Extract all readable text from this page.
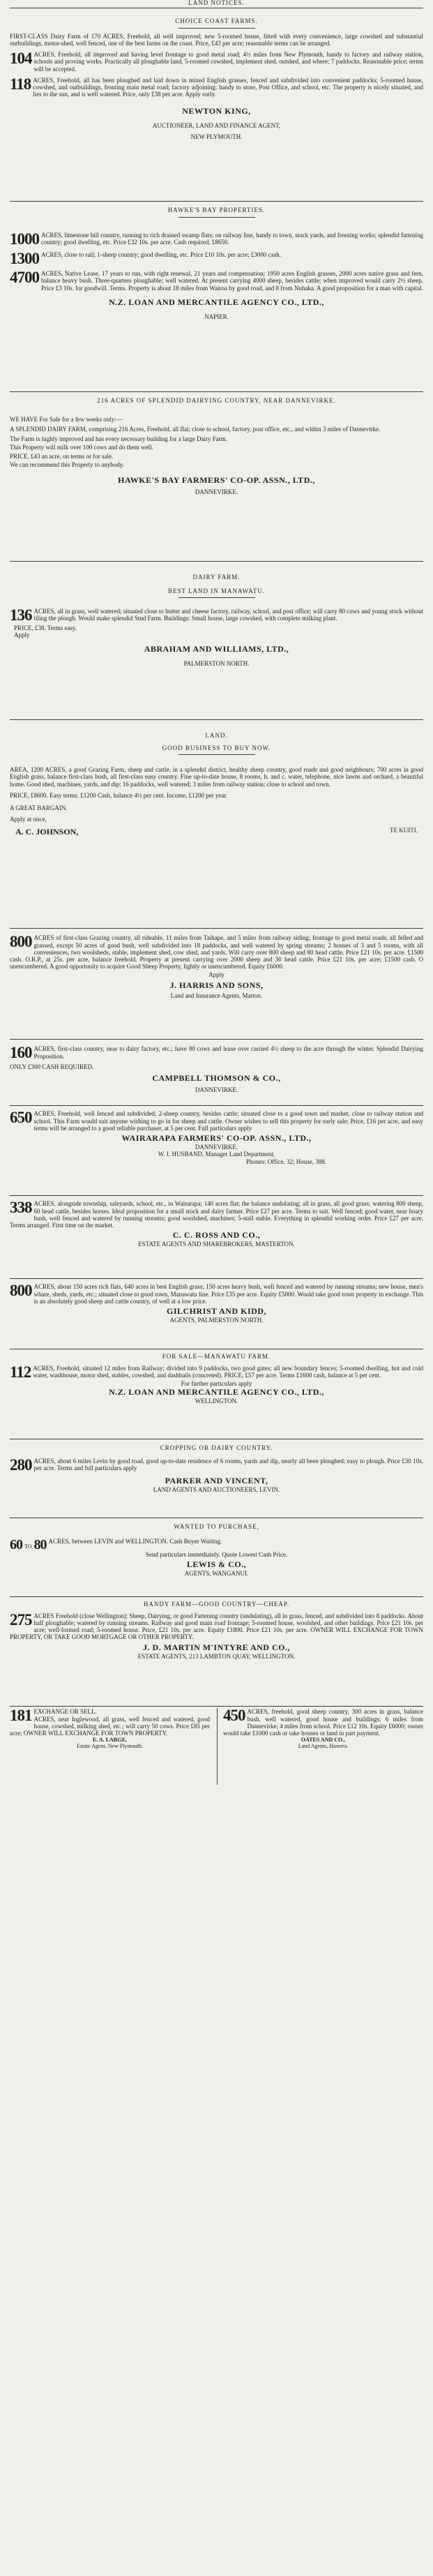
LAND NOTICES.

CHOICE COAST FARMS.

FIRST-CLASS Dairy Farm of 170 ACRES, Freehold, all well improved; new 5-roomed house, fitted with every convenience, large cowshed and substantial outbuildings, motor-shed, well fenced, one of the best farms on the coast. Price, £43 per acre; reasonable terms can be arranged.

104 ACRES, Freehold, all improved and having level frontage to good metal road; 4½ miles from New Plymouth, handy to factory and railway station, schools and proving works. Practically all ploughable land, 5-roomed cowshed, implement shed, outshed, and where; 7 paddocks. Reasonable price; terms will be accepted.

118 ACRES, Freehold, all has been ploughed and laid down in mixed English grasses, fenced and subdivided into convenient paddocks; 5-roomed house, cowshed, and outbuildings, fronting main metal road; factory adjoining; handy to store, Post Office, and school, etc. The property is nicely situated, and lies to the sun, and is well watered. Price, only £38 per acre. Apply early.

NEWTON KING,

AUCTIONEER, LAND AND FINANCE AGENT,

NEW PLYMOUTH.

HAWKE'S BAY PROPERTIES.

1000 ACRES, limestone hill country, running to rich drained swamp flats; on railway line, handy to town, stock yards, and freezing works; splendid fattening country; good dwelling, etc. Price £32 10s. per acre. Cash required, £8650.

1300 ACRES, close to rail; 1-sheep country; good dwelling, etc. Price £10 10s. per acre; £3000 cash.

4700 ACRES, Native Lease, 17 years to run, with right renewal, 21 years and compensation; 1950 acres English grasses, 2000 acres native grass and fern, balance heavy bush. Three-quarters ploughable; well watered. At present carrying 4000 sheep, besides cattle; when improved would carry 2½ sheep. Price £3 10s. for goodwill. Terms. Property is about 18 miles from Wairoa by good road, and 8 from Nuhaka. A good proposition for a man with capital.

N.Z. LOAN AND MERCANTILE AGENCY CO., LTD.,

NAPIER.

216 ACRES OF SPLENDID DAIRYING COUNTRY, NEAR DANNEVIRKE.

WE HAVE For Sale for a few weeks only:—

A SPLENDID DAIRY FARM, comprising 216 Acres, Freehold, all flat; close to school, factory, post office, etc., and within 3 miles of Dannevirke.

The Farm is highly improved and has every necessary building for a large Dairy Farm.

This Property will milk over 100 cows and do them well.

PRICE, £43 an acre, on terms or for sale.

We can recommend this Property to anybody.

HAWKE'S BAY FARMERS' CO-OP. ASSN., LTD.,

DANNEVIRKE.

DAIRY FARM.

BEST LAND IN MANAWATU.

136 ACRES, all in grass, well watered; situated close to butter and cheese factory, railway, school, and post office; will carry 80 cows and young stock without tiling the plough. Would make splendid Stud Farm. Buildings: Small house, large cowshed, with complete milking plant.

PRICE, £38. Terms easy.

Apply

ABRAHAM AND WILLIAMS, LTD.,

PALMERSTON NORTH.

LAND.

GOOD BUSINESS TO BUY NOW.

AREA, 1200 ACRES, a good Grazing Farm, sheep and cattle, in a splendid district, healthy sheep country, good roads and good neighbours; 700 acres in good English grass, balance first-class bush, all first-class easy country. Fine up-to-date house, 8 rooms, h. and c. water, telephone, nice lawns and orchard, a beautiful home. Good shed, machines, yards, and dip; 16 paddocks, well watered; 3 miles from railway station; close to school and town.

PRICE, £8600. Easy terms. £1200 Cash, balance 4½ per cent. Income, £1200 per year.

A GREAT BARGAIN.

Apply at once,

A. C. JOHNSON,	TE KUITI.

800 ACRES of first-class Grazing country, all rideable, 11 miles from Taihape, and 5 miles from railway siding; frontage to good metal roads; all felled and grassed, except 50 acres of good bush, well subdivided into 18 paddocks, and well watered by spring streams; 2 houses of 3 and 5 rooms, with all conveniences, two woolsheds, stable, implement shed, cow shed, and yards. Will carry over 800 sheep and 80 head cattle. Price £21 10s. per acre. £1500 cash. O.R.P., at 25s. per acre, balance freehold. Property at present carrying over 2000 sheep and 30 head cattle. Price £21 10s. per acre; £1500 cash. O unencumbered. A good opportunity to acquire Good Sheep Property, lightly or unencumbered. Equity £6000.

Apply

J. HARRIS AND SONS,

Land and Insurance Agents, Marton.

160 ACRES, first-class country, near to dairy factory, etc.; have 80 cows and lease over carried 4½ sheep to the acre through the winter. Splendid Dairying Proposition.

ONLY £300 CASH REQUIRED.

CAMPBELL THOMSON & CO.,

DANNEVIRKE.

650 ACRES, Freehold, well fenced and subdivided; 2-sheep country, besides cattle; situated close to a good town and market, close to railway station and school. This Farm would suit anyone wishing to go in for sheep and cattle. Owner wishes to sell this property for early sale; Price, £16 per acre, and easy terms will be arranged to a good reliable purchaser, at 5 per cent. Full particulars apply

WAIRARAPA FARMERS' CO-OP. ASSN., LTD.,

DANNEVIRKE.

W. I. HUSBAND, Manager Land Department,

Phones: Office, 32; House, 388.

338 ACRES, alongside township, saleyards, school, etc., in Wairarapa; 140 acres flat; the balance undulating; all in grass, all good grass; watering 800 sheep, 60 head cattle, besides horses. Ideal proposition for a small stock and dairy farmer. Price £27 per acre. Terms to suit. Well fenced; good water, near hoary bush, well fenced and watered by running streams; good woolshed, machines; 5-stall stable. Everything in splendid working order. Price £27 per acre. Terms arranged. First time on the market.

C. C. ROSS AND CO.,

ESTATE AGENTS AND SHAREBROKERS, MASTERTON.

800 ACRES, about 150 acres rich flats, 640 acres in best English grass; 150 acres heavy bush, well fenced and watered by running streams; new house, men's whare, sheds, yards, etc.; situated close to good town, Manawatu line. Price £35 per acre. Equity £5000. Would take good town property in exchange. This is an absolutely good sheep and cattle country, of well at a low price.

GILCHRIST AND KIDD,

AGENTS, PALMERSTON NORTH.

FOR SALE—MANAWATU FARM.

112 ACRES, Freehold, situated 12 miles from Railway; divided into 9 paddocks, two good gates; all new boundary fences; 5-roomed dwelling, hot and cold water, washhouse, motor shed, stables, cowshed, and dashbails (concreted). PRICE, £57 per acre. Terms £1600 cash, balance at 5 per cent.

For further particulars apply

N.Z. LOAN AND MERCANTILE AGENCY CO., LTD.,

WELLINGTON.

CROPPING OR DAIRY COUNTRY.

280 ACRES, about 6 miles Levin by good road, good up-to-date residence of 6 rooms, yards and dip, nearly all been ploughed; easy to plough. Price £30 10s. per acre. Terms and full particulars apply

PARKER AND VINCENT,

LAND AGENTS AND AUCTIONEERS, LEVIN.

WANTED TO PURCHASE,

60 TO 80 ACRES, between LEVIN and WELLINGTON. Cash Buyer Waiting.

Send particulars immediately. Quote Lowest Cash Price.

LEWIS & CO.,

AGENTS, WANGANUI.

HANDY FARM—GOOD COUNTRY—CHEAP.

275 ACRES Freehold (close Wellington); Sheep, Dairying, or good Fattening country (undulating), all in grass, fenced, and subdivided into 8 paddocks. About half ploughable; watered by running streams. Railway and good main road frontage; 5-roomed house, woolshed, and other buildings. Price £21 10s. per acre; well-formed road; 5-roomed house. Price, £21 10s. per acre. Equity £1800. Price £21 10s. per acre. OWNER WILL EXCHANGE FOR TOWN PROPERTY, OR TAKE GOOD MORTGAGE OR OTHER PROPERTY.

J. D. MARTIN M'INTYRE AND CO.,

ESTATE AGENTS, 213 LAMBTON QUAY, WELLINGTON.

181 EXCHANGE OR SELL.

ACRES, near Inglewood, all grass, well fenced and watered, good house, cowshed, milking shed, etc.; will carry 50 cows. Price £85 per acre; OWNER WILL EXCHANGE FOR TOWN PROPERTY.

E. A. LARGE,

Estate Agent, New Plymouth.

450 ACRES, freehold, good sheep country, 300 acres in grass, balance bush, well watered, good house and buildings; 6 miles from Dannevirke; 4 miles from school. Price £12 10s. Equity £6000; owner would take £1000 cash or take houses or land in part payment.

OATES AND CO.,

Land Agents, Hawera.
